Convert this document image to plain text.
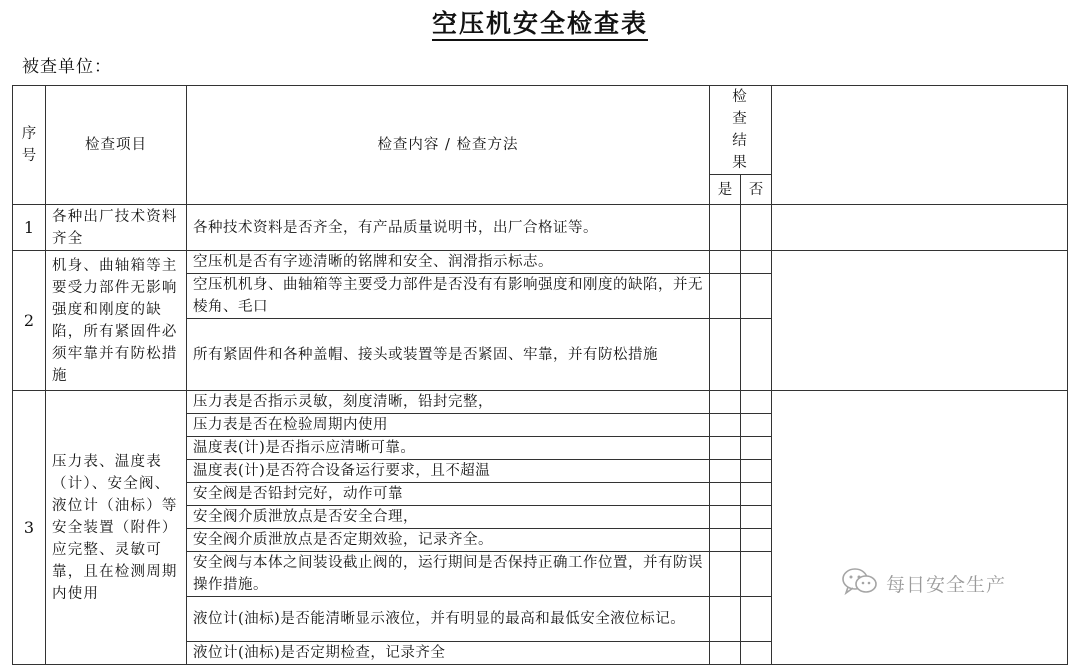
空压机安全检查表
被查单位：
序号	检查项目	检查内容 / 检查方法	检查结果		

			是	否	
1	各种出厂技术资料齐全	各种技术资料是否齐全，有产品质量说明书，出厂合格证等。			
2	机身、曲轴箱等主要受力部件无影响强度和刚度的缺陷，所有紧固件必须牢靠并有防松措施	空压机是否有字迹清晰的铭牌和安全、润滑指示标志。			
		空压机机身、曲轴箱等主要受力部件是否没有有影响强度和刚度的缺陷，并无棱角、毛口			
		所有紧固件和各种盖帽、接头或装置等是否紧固、牢靠，并有防松措施			
3	压力表、温度表（计）、安全阀、液位计（油标）等安全装置（附件）应完整、灵敏可靠，且在检测周期内使用	压力表是否指示灵敏，刻度清晰，铅封完整，			
		压力表是否在检验周期内使用			
		温度表(计)是否指示应清晰可靠。			
		温度表(计)是否符合设备运行要求，且不超温			
		安全阀是否铅封完好，动作可靠			
		安全阀介质泄放点是否安全合理，			
		安全阀介质泄放点是否定期效验，记录齐全。			
		安全阀与本体之间装设截止阀的，运行期间是否保持正确工作位置，并有防误操作措施。			
		液位计(油标)是否能清晰显示液位，并有明显的最高和最低安全液位标记。			
		液位计(油标)是否定期检查，记录齐全			
每日安全生产
